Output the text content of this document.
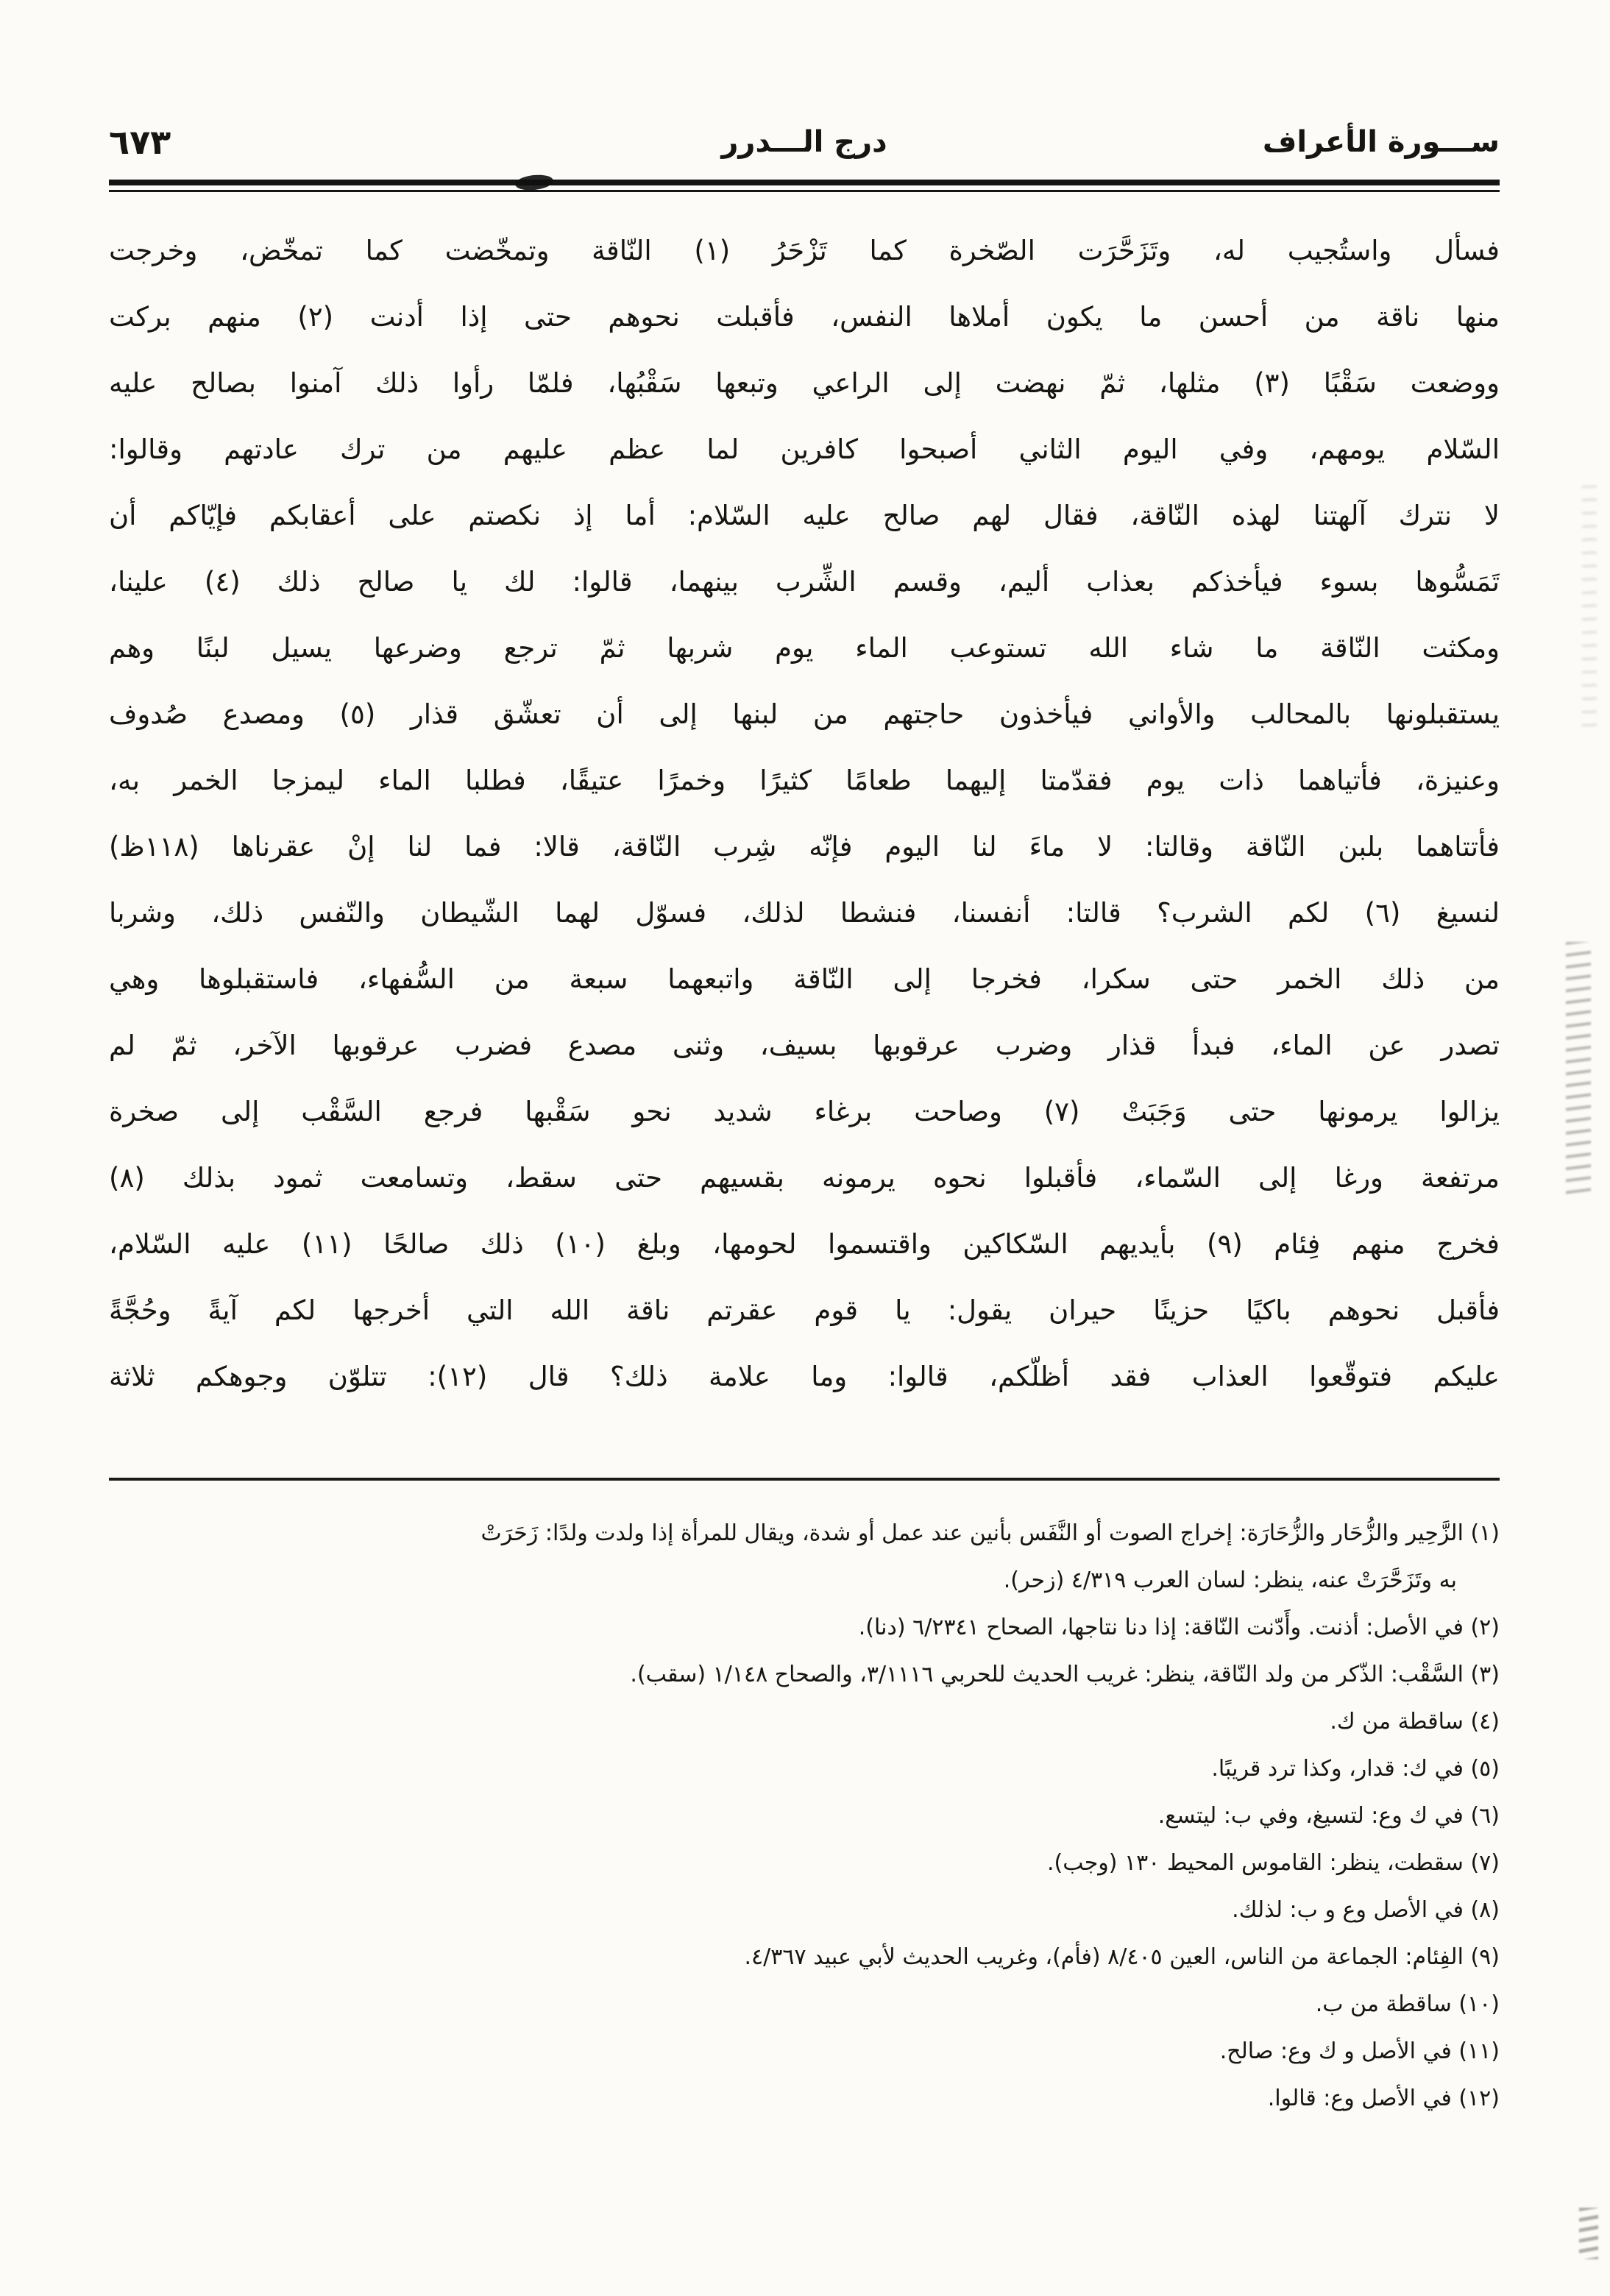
ســـورة الأعراف
درج الـــدرر
٦٧٣
فسأل واستُجيب له، وتَزَحَّرَت الصّخرة كما تَزْحَرُ (١) النّاقة وتمخّضت كما تمخّض، وخرجت
منها ناقة من أحسن ما يكون أملاها النفس، فأقبلت نحوهم حتى إذا أدنت (٢) منهم بركت
ووضعت سَقْبًا (٣) مثلها، ثمّ نهضت إلى الراعي وتبعها سَقْبُها، فلمّا رأوا ذلك آمنوا بصالح عليه
السّلام يومهم، وفي اليوم الثاني أصبحوا كافرين لما عظم عليهم من ترك عادتهم وقالوا:
لا نترك آلهتنا لهذه النّاقة، فقال لهم صالح عليه السّلام: أما إذ نكصتم على أعقابكم فإيّاكم أن
تَمَسُّوها بسوء فيأخذكم بعذاب أليم، وقسم الشِّرب بينهما، قالوا: لك يا صالح ذلك (٤) علينا،
ومكثت النّاقة ما شاء الله تستوعب الماء يوم شربها ثمّ ترجع وضرعها يسيل لبنًا وهم
يستقبلونها بالمحالب والأواني فيأخذون حاجتهم من لبنها إلى أن تعشّق قذار (٥) ومصدع صُدوف
وعنيزة، فأتياهما ذات يوم فقدّمتا إليهما طعامًا كثيرًا وخمرًا عتيقًا، فطلبا الماء ليمزجا الخمر به،
فأتتاهما بلبن النّاقة وقالتا: لا ماءَ لنا اليوم فإنّه شِرب النّاقة، قالا: فما لنا إنْ عقرناها (١١٨ظ)
لنسيغ (٦) لكم الشرب؟ قالتا: أنفسنا، فنشطا لذلك، فسوّل لهما الشّيطان والنّفس ذلك، وشربا
من ذلك الخمر حتى سكرا، فخرجا إلى النّاقة واتبعهما سبعة من السُّفهاء، فاستقبلوها وهي
تصدر عن الماء، فبدأ قذار وضرب عرقوبها بسيف، وثنى مصدع فضرب عرقوبها الآخر، ثمّ لم
يزالوا يرمونها حتى وَجَبَتْ (٧) وصاحت برغاء شديد نحو سَقْبها فرجع السَّقْب إلى صخرة
مرتفعة ورغا إلى السّماء، فأقبلوا نحوه يرمونه بقسيهم حتى سقط، وتسامعت ثمود بذلك (٨)
فخرج منهم فِئام (٩) بأيديهم السّكاكين واقتسموا لحومها، وبلغ (١٠) ذلك صالحًا (١١) عليه السّلام،
فأقبل نحوهم باكيًا حزينًا حيران يقول: يا قوم عقرتم ناقة الله التي أخرجها لكم آيةً وحُجَّةً
عليكم فتوقّعوا العذاب فقد أظلّكم، قالوا: وما علامة ذلك؟ قال (١٢): تتلوّن وجوهكم ثلاثة
(١) الزَّحِير والزُّحَار والزُّحَارَة: إخراج الصوت أو النَّفَس بأنين عند عمل أو شدة، ويقال للمرأة إذا ولدت ولدًا: زَحَرَتْ
به وتَزَحَّرَتْ عنه، ينظر: لسان العرب ٤/٣١٩ (زحر).
(٢) في الأصل: أذنت. وأَدّنت النّاقة: إذا دنا نتاجها، الصحاح ٦/٢٣٤١ (دنا).
(٣) السَّقْب: الذّكر من ولد النّاقة، ينظر: غريب الحديث للحربي ٣/١١١٦، والصحاح ١/١٤٨ (سقب).
(٤) ساقطة من ك.
(٥) في ك: قدار، وكذا ترد قريبًا.
(٦) في ك وع: لتسيغ، وفي ب: ليتسع.
(٧) سقطت، ينظر: القاموس المحيط ١٣٠ (وجب).
(٨) في الأصل وع و ب: لذلك.
(٩) الفِئام: الجماعة من الناس، العين ٨/٤٠٥ (فأم)، وغريب الحديث لأبي عبيد ٤/٣٦٧.
(١٠) ساقطة من ب.
(١١) في الأصل و ك وع: صالح.
(١٢) في الأصل وع: قالوا.
